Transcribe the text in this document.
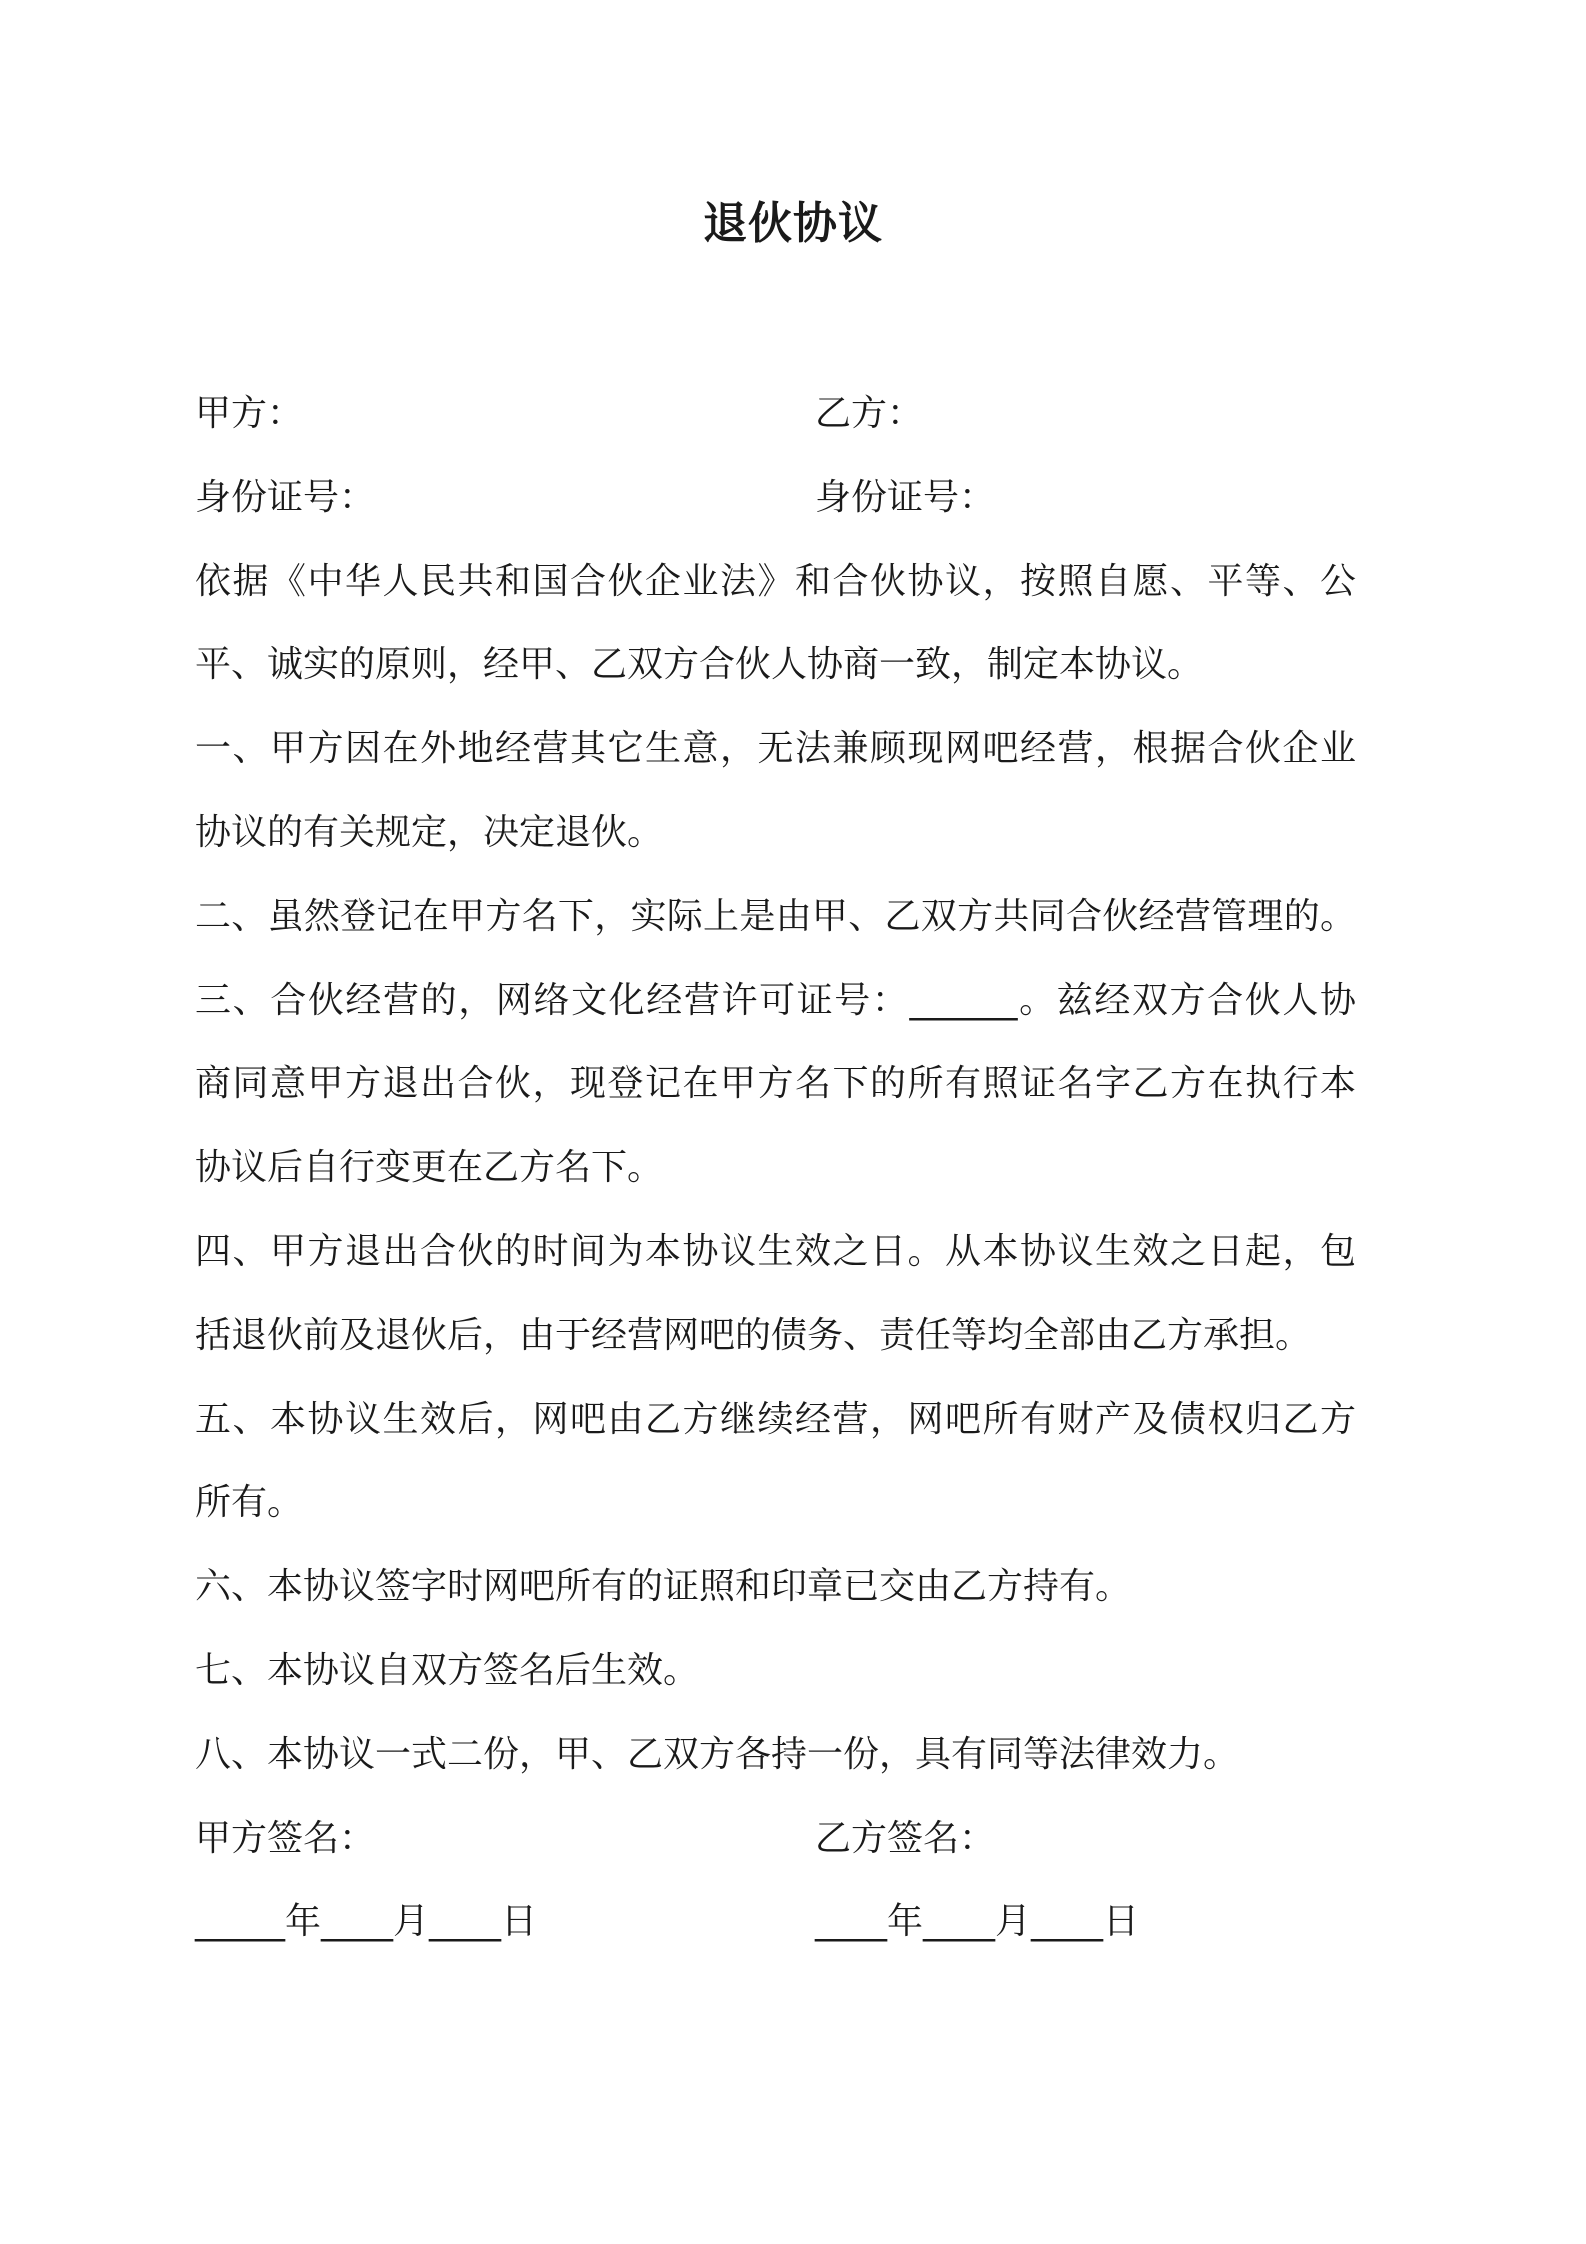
退伙协议
甲方：	乙方：
身份证号：	身份证号：
依据《中华人民共和国合伙企业法》和合伙协议，按照自愿、平等、公
平、诚实的原则，经甲、乙双方合伙人协商一致，制定本协议。
一、甲方因在外地经营其它生意，无法兼顾现网吧经营，根据合伙企业
协议的有关规定，决定退伙。
二、虽然登记在甲方名下，实际上是由甲、乙双方共同合伙经营管理的。
三、合伙经营的，网络文化经营许可证号：______。兹经双方合伙人协
商同意甲方退出合伙，现登记在甲方名下的所有照证名字乙方在执行本
协议后自行变更在乙方名下。
四、甲方退出合伙的时间为本协议生效之日。从本协议生效之日起，包
括退伙前及退伙后，由于经营网吧的债务、责任等均全部由乙方承担。
五、本协议生效后，网吧由乙方继续经营，网吧所有财产及债权归乙方
所有。
六、本协议签字时网吧所有的证照和印章已交由乙方持有。
七、本协议自双方签名后生效。
八、本协议一式二份，甲、乙双方各持一份，具有同等法律效力。
甲方签名：	乙方签名：
_____年____月____日	____年____月____日
